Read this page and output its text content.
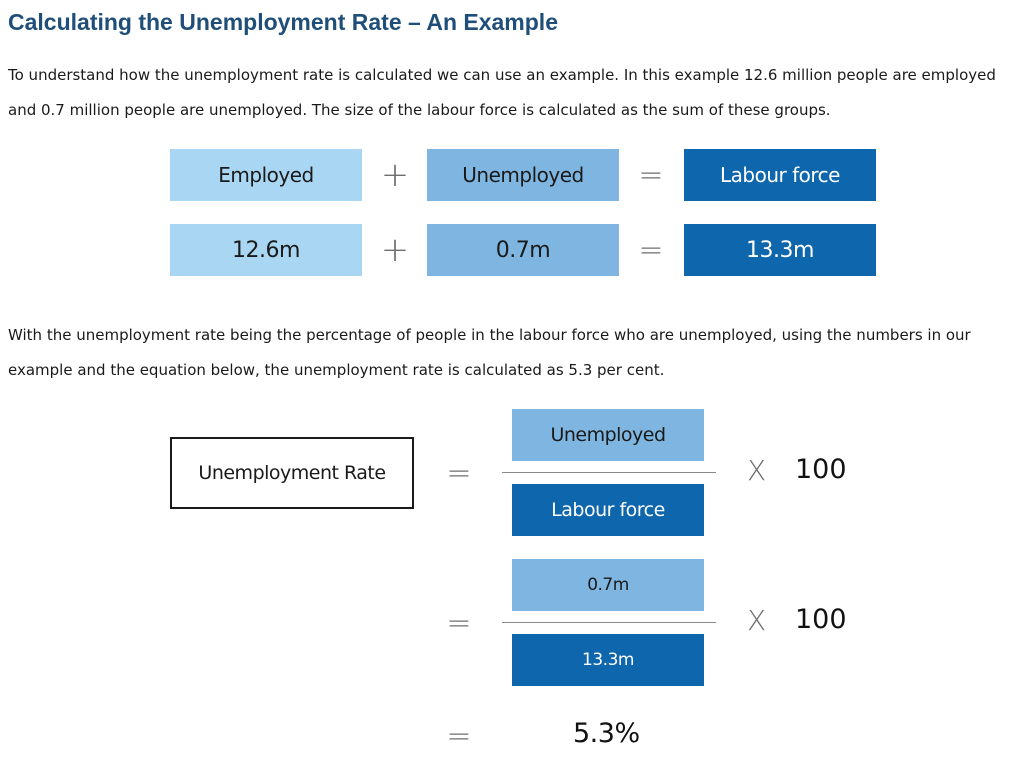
Calculating the Unemployment Rate – An Example

To understand how the unemployment rate is calculated we can use an example. In this example 12.6 million people are employed and 0.7 million people are unemployed. The size of the labour force is calculated as the sum of these groups.

Employed	+	Unemployed	=	Labour force
12.6m	+	0.7m	=	13.3m

With the unemployment rate being the percentage of people in the labour force who are unemployed, using the numbers in our example and the equation below, the unemployment rate is calculated as 5.3 per cent.

Unemployment Rate	=
Unemployed
Labour force
X 100
=
0.7m
13.3m
X 100
=	5.3%
